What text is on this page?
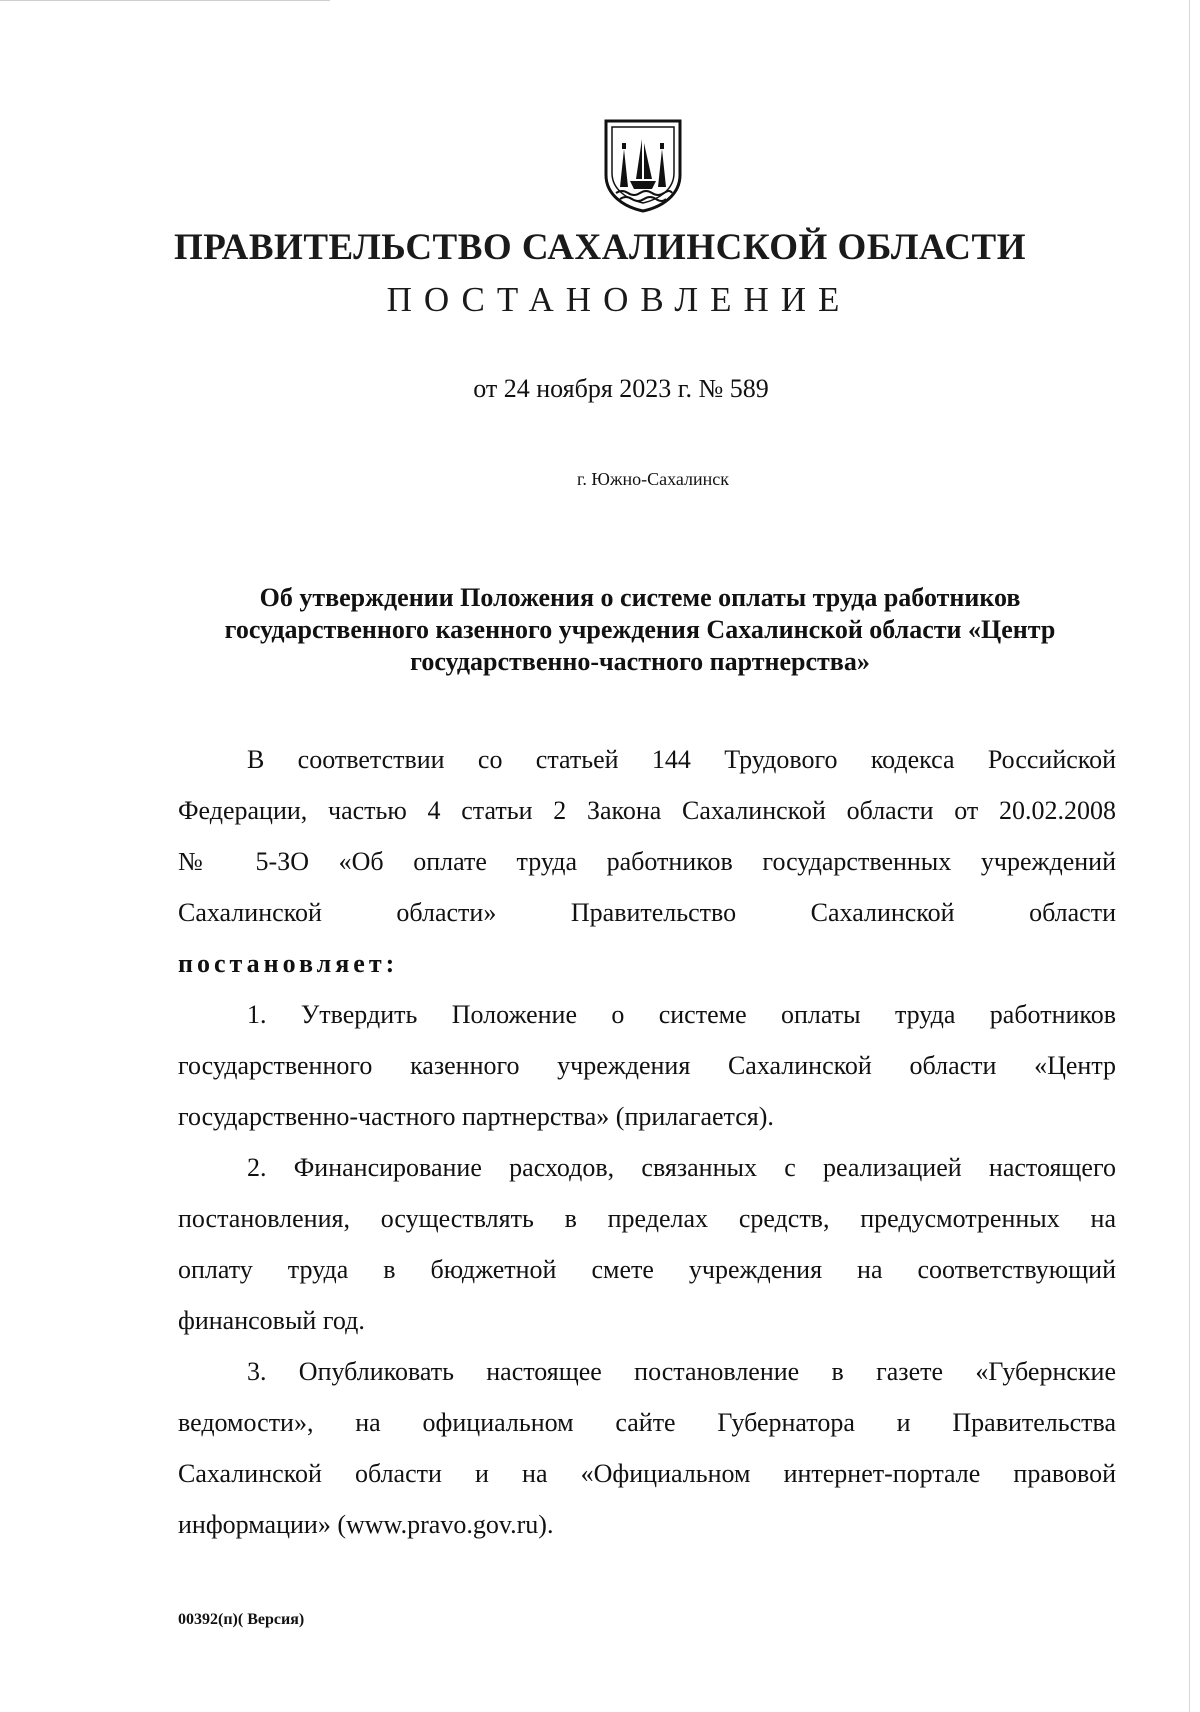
ПРАВИТЕЛЬСТВО САХАЛИНСКОЙ ОБЛАСТИ
ПОСТАНОВЛЕНИЕ
от 24 ноября 2023 г. № 589
г. Южно-Сахалинск
Об утверждении Положения о системе оплаты труда работников
государственного казенного учреждения Сахалинской области «Центр
государственно-частного партнерства»
В соответствии со статьей 144 Трудового кодекса Российской
Федерации, частью 4 статьи 2 Закона Сахалинской области от 20.02.2008
№ 5-ЗО «Об оплате труда работников государственных учреждений
Сахалинской области» Правительство Сахалинской области
постановляет:
1. Утвердить Положение о системе оплаты труда работников
государственного казенного учреждения Сахалинской области «Центр
государственно-частного партнерства» (прилагается).
2. Финансирование расходов, связанных с реализацией настоящего
постановления, осуществлять в пределах средств, предусмотренных на
оплату труда в бюджетной смете учреждения на соответствующий
финансовый год.
3. Опубликовать настоящее постановление в газете «Губернские
ведомости», на официальном сайте Губернатора и Правительства
Сахалинской области и на «Официальном интернет-портале правовой
информации» (www.pravo.gov.ru).
00392(п)( Версия)
